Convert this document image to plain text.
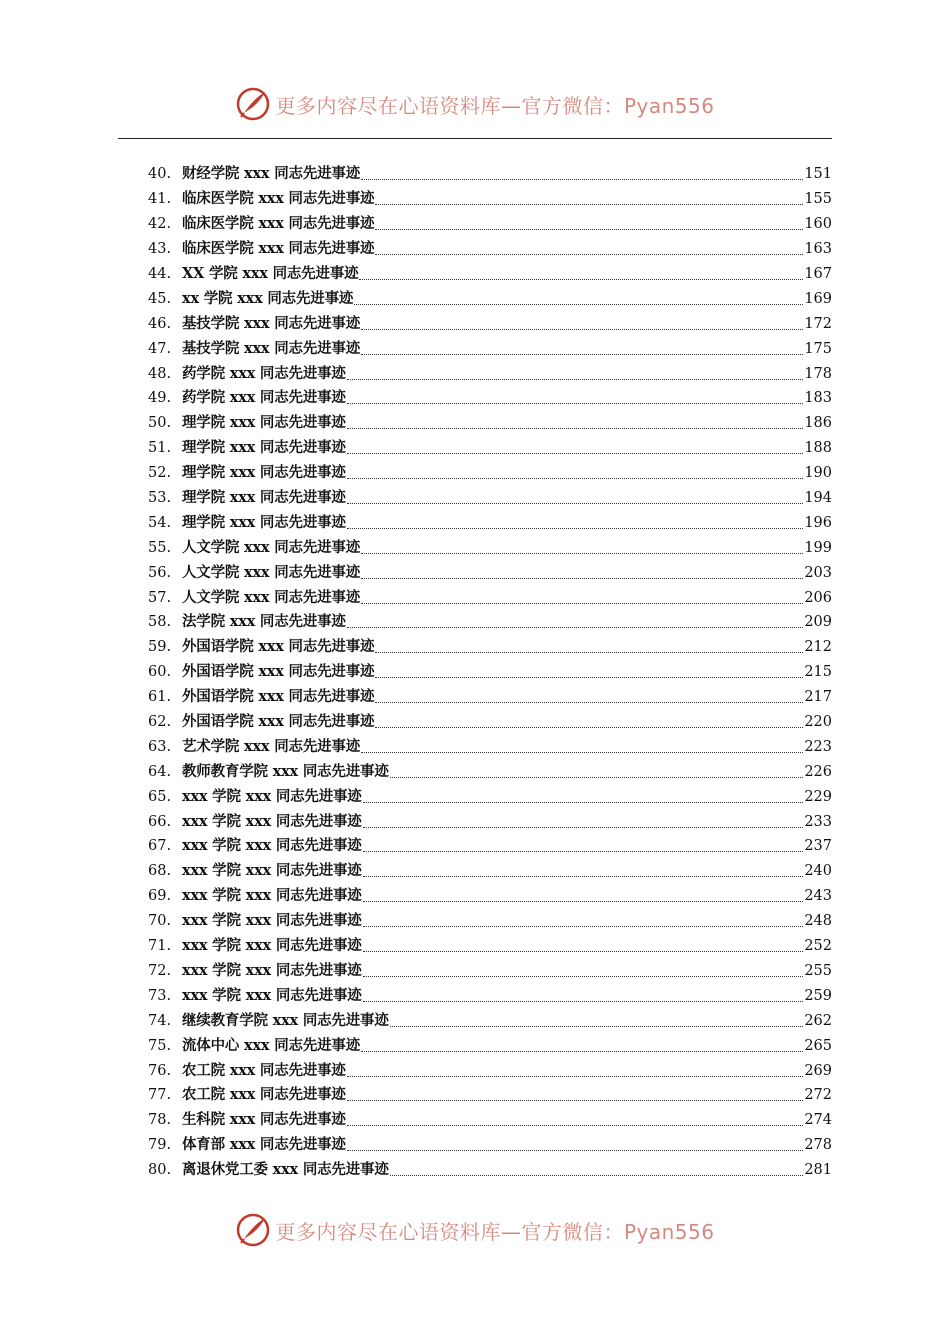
更多内容尽在心语资料库—官方微信：Pyan556
40. 财经学院 xxx 同志先进事迹	151
41. 临床医学院 xxx 同志先进事迹	155
42. 临床医学院 xxx 同志先进事迹	160
43. 临床医学院 xxx 同志先进事迹	163
44. XX 学院 xxx 同志先进事迹	167
45. xx 学院 xxx 同志先进事迹	169
46. 基技学院 xxx 同志先进事迹	172
47. 基技学院 xxx 同志先进事迹	175
48. 药学院 xxx 同志先进事迹	178
49. 药学院 xxx 同志先进事迹	183
50. 理学院 xxx 同志先进事迹	186
51. 理学院 xxx 同志先进事迹	188
52. 理学院 xxx 同志先进事迹	190
53. 理学院 xxx 同志先进事迹	194
54. 理学院 xxx 同志先进事迹	196
55. 人文学院 xxx 同志先进事迹	199
56. 人文学院 xxx 同志先进事迹	203
57. 人文学院 xxx 同志先进事迹	206
58. 法学院 xxx 同志先进事迹	209
59. 外国语学院 xxx 同志先进事迹	212
60. 外国语学院 xxx 同志先进事迹	215
61. 外国语学院 xxx 同志先进事迹	217
62. 外国语学院 xxx 同志先进事迹	220
63. 艺术学院 xxx 同志先进事迹	223
64. 教师教育学院 xxx 同志先进事迹	226
65. xxx 学院 xxx 同志先进事迹	229
66. xxx 学院 xxx 同志先进事迹	233
67. xxx 学院 xxx 同志先进事迹	237
68. xxx 学院 xxx 同志先进事迹	240
69. xxx 学院 xxx 同志先进事迹	243
70. xxx 学院 xxx 同志先进事迹	248
71. xxx 学院 xxx 同志先进事迹	252
72. xxx 学院 xxx 同志先进事迹	255
73. xxx 学院 xxx 同志先进事迹	259
74. 继续教育学院 xxx 同志先进事迹	262
75. 流体中心 xxx 同志先进事迹	265
76. 农工院 xxx 同志先进事迹	269
77. 农工院 xxx 同志先进事迹	272
78. 生科院 xxx 同志先进事迹	274
79. 体育部 xxx 同志先进事迹	278
80. 离退休党工委 xxx 同志先进事迹	281
更多内容尽在心语资料库—官方微信：Pyan556
